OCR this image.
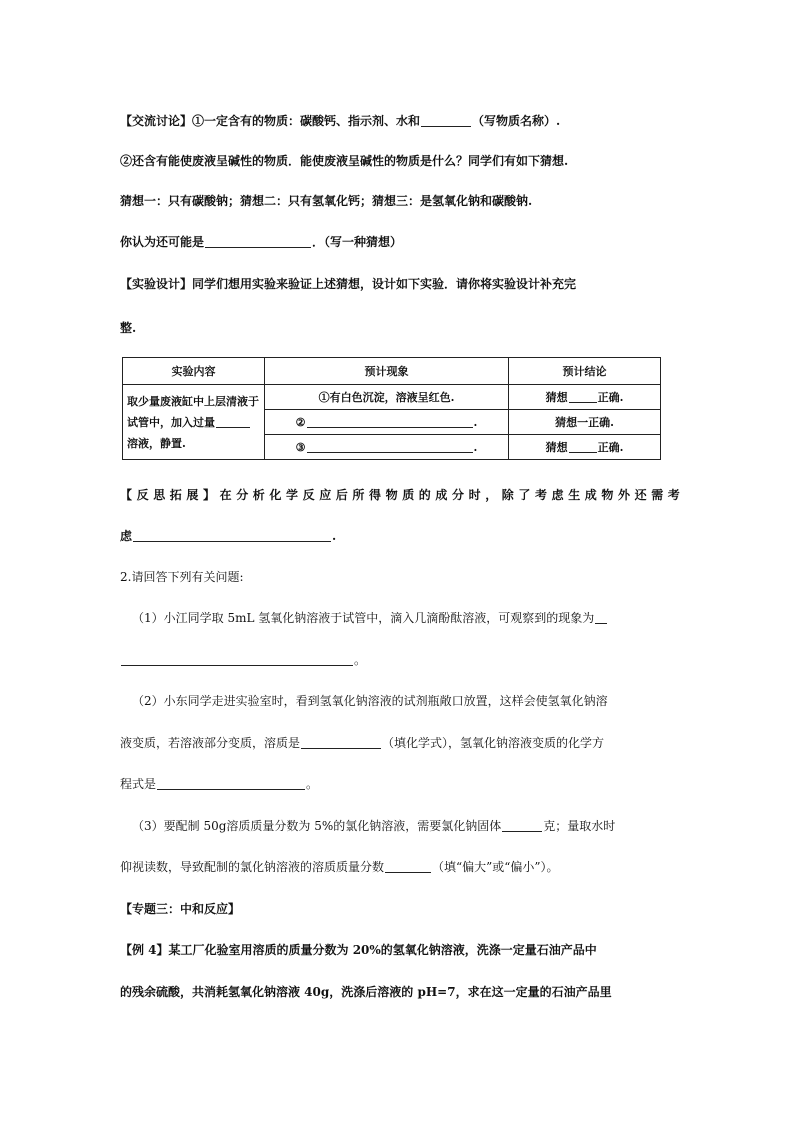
【交流讨论】①一定含有的物质：碳酸钙、指示剂、水和	（写物质名称）.
②还含有能使废液呈碱性的物质．能使废液呈碱性的物质是什么？同学们有如下猜想.
猜想一：只有碳酸钠；猜想二：只有氢氧化钙；猜想三：是氢氧化钠和碳酸钠.
你认为还可能是	．（写一种猜想）
【实验设计】同学们想用实验来验证上述猜想，设计如下实验．请你将实验设计补充完
整.
实验内容	预计现象	预计结论
取少量废液缸中上层清液于试管中，加入过量溶液，静置.	①有白色沉淀，溶液呈红色.	猜想 正确.
	② .	猜想一正确.
	③ .	猜想 正确.
【反思拓展】在分析化学反应后所得物质的成分时，除了考虑生成物外还需考
虑	.
2.请回答下列有关问题:
（1）小江同学取 5mL 氢氧化钠溶液于试管中，滴入几滴酚酞溶液，可观察到的现象为
。
（2）小东同学走进实验室时，看到氢氧化钠溶液的试剂瓶敞口放置，这样会使氢氧化钠溶
液变质，若溶液部分变质，溶质是	（填化学式），氢氧化钠溶液变质的化学方
程式是	。
（3）要配制 50g溶质质量分数为 5%的氯化钠溶液，需要氯化钠固体	克；量取水时
仰视读数，导致配制的氯化钠溶液的溶质质量分数	（填“偏大”或“偏小”）。
【专题三：中和反应】
【例 4】某工厂化验室用溶质的质量分数为 20%的氢氧化钠溶液，洗涤一定量石油产品中
的残余硫酸，共消耗氢氧化钠溶液 40g，洗涤后溶液的 pH=7，求在这一定量的石油产品里
